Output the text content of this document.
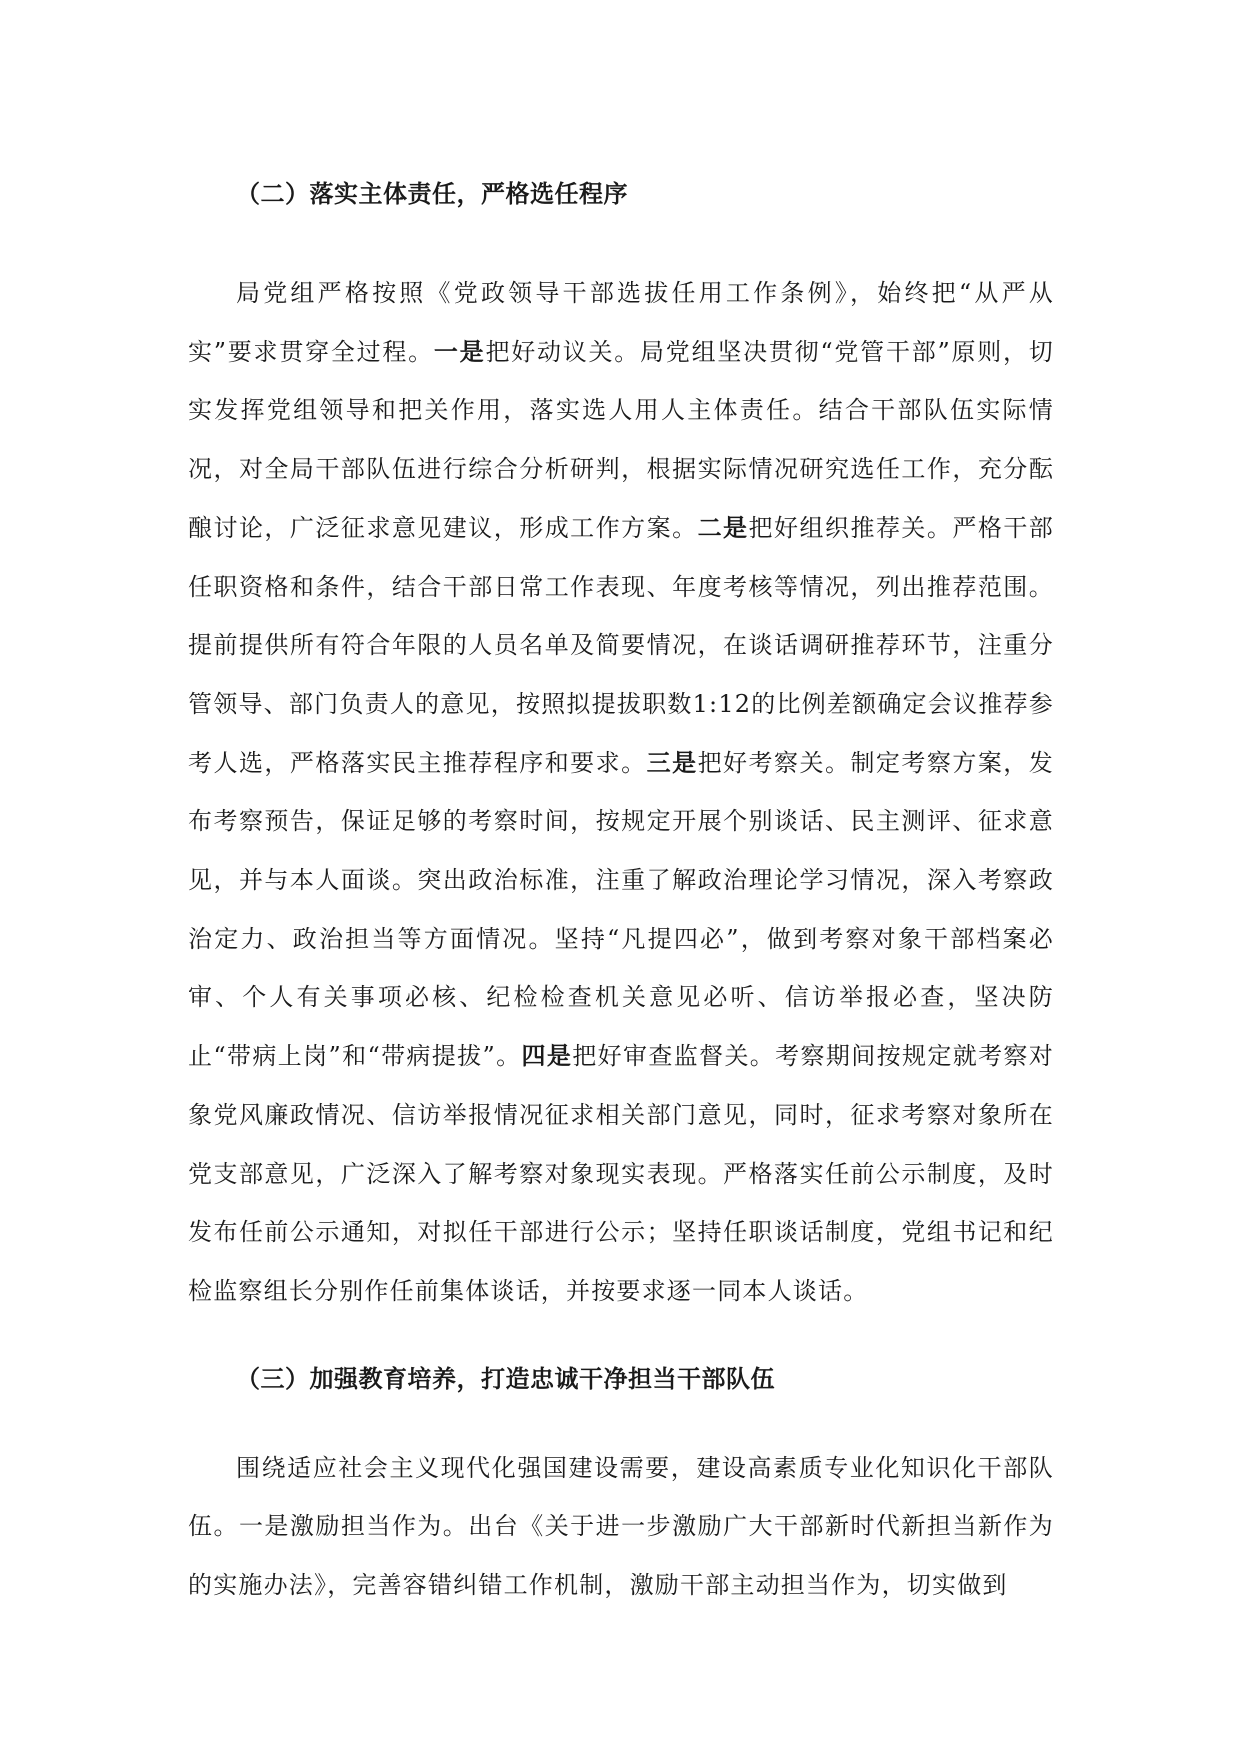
（二）落实主体责任，严格选任程序

局党组严格按照《党政领导干部选拔任用工作条例》，始终把“从严从实”要求贯穿全过程。一是把好动议关。局党组坚决贯彻“党管干部”原则，切实发挥党组领导和把关作用，落实选人用人主体责任。结合干部队伍实际情况，对全局干部队伍进行综合分析研判，根据实际情况研究选任工作，充分酝酿讨论，广泛征求意见建议，形成工作方案。二是把好组织推荐关。严格干部任职资格和条件，结合干部日常工作表现、年度考核等情况，列出推荐范围。提前提供所有符合年限的人员名单及简要情况，在谈话调研推荐环节，注重分管领导、部门负责人的意见，按照拟提拔职数1:12的比例差额确定会议推荐参考人选，严格落实民主推荐程序和要求。三是把好考察关。制定考察方案，发布考察预告，保证足够的考察时间，按规定开展个别谈话、民主测评、征求意见，并与本人面谈。突出政治标准，注重了解政治理论学习情况，深入考察政治定力、政治担当等方面情况。坚持“凡提四必”，做到考察对象干部档案必审、个人有关事项必核、纪检检查机关意见必听、信访举报必查，坚决防止“带病上岗”和“带病提拔”。四是把好审查监督关。考察期间按规定就考察对象党风廉政情况、信访举报情况征求相关部门意见，同时，征求考察对象所在党支部意见，广泛深入了解考察对象现实表现。严格落实任前公示制度，及时发布任前公示通知，对拟任干部进行公示；坚持任职谈话制度，党组书记和纪检监察组长分别作任前集体谈话，并按要求逐一同本人谈话。

（三）加强教育培养，打造忠诚干净担当干部队伍

围绕适应社会主义现代化强国建设需要，建设高素质专业化知识化干部队伍。一是激励担当作为。出台《关于进一步激励广大干部新时代新担当新作为的实施办法》，完善容错纠错工作机制，激励干部主动担当作为，切实做到
